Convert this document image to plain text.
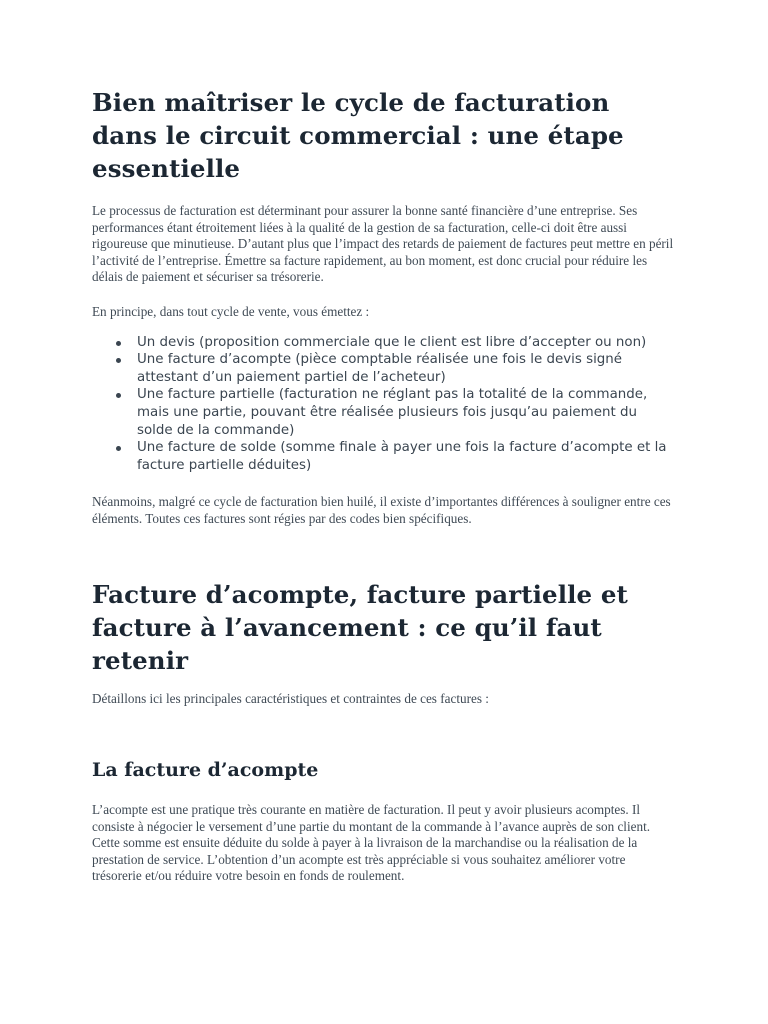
Bien maîtriser le cycle de facturation dans le circuit commercial : une étape essentielle

Le processus de facturation est déterminant pour assurer la bonne santé financière d’une entreprise. Ses performances étant étroitement liées à la qualité de la gestion de sa facturation, celle-ci doit être aussi rigoureuse que minutieuse. D’autant plus que l’impact des retards de paiement de factures peut mettre en péril l’activité de l’entreprise. Émettre sa facture rapidement, au bon moment, est donc crucial pour réduire les délais de paiement et sécuriser sa trésorerie.

En principe, dans tout cycle de vente, vous émettez :

Un devis (proposition commerciale que le client est libre d’accepter ou non)
Une facture d’acompte (pièce comptable réalisée une fois le devis signé attestant d’un paiement partiel de l’acheteur)
Une facture partielle (facturation ne réglant pas la totalité de la commande, mais une partie, pouvant être réalisée plusieurs fois jusqu’au paiement du solde de la commande)
Une facture de solde (somme finale à payer une fois la facture d’acompte et la facture partielle déduites)

Néanmoins, malgré ce cycle de facturation bien huilé, il existe d’importantes différences à souligner entre ces éléments. Toutes ces factures sont régies par des codes bien spécifiques.

Facture d’acompte, facture partielle et facture à l’avancement : ce qu’il faut retenir

Détaillons ici les principales caractéristiques et contraintes de ces factures :

La facture d’acompte

L’acompte est une pratique très courante en matière de facturation. Il peut y avoir plusieurs acomptes. Il consiste à négocier le versement d’une partie du montant de la commande à l’avance auprès de son client. Cette somme est ensuite déduite du solde à payer à la livraison de la marchandise ou la réalisation de la prestation de service. L’obtention d’un acompte est très appréciable si vous souhaitez améliorer votre trésorerie et/ou réduire votre besoin en fonds de roulement.
